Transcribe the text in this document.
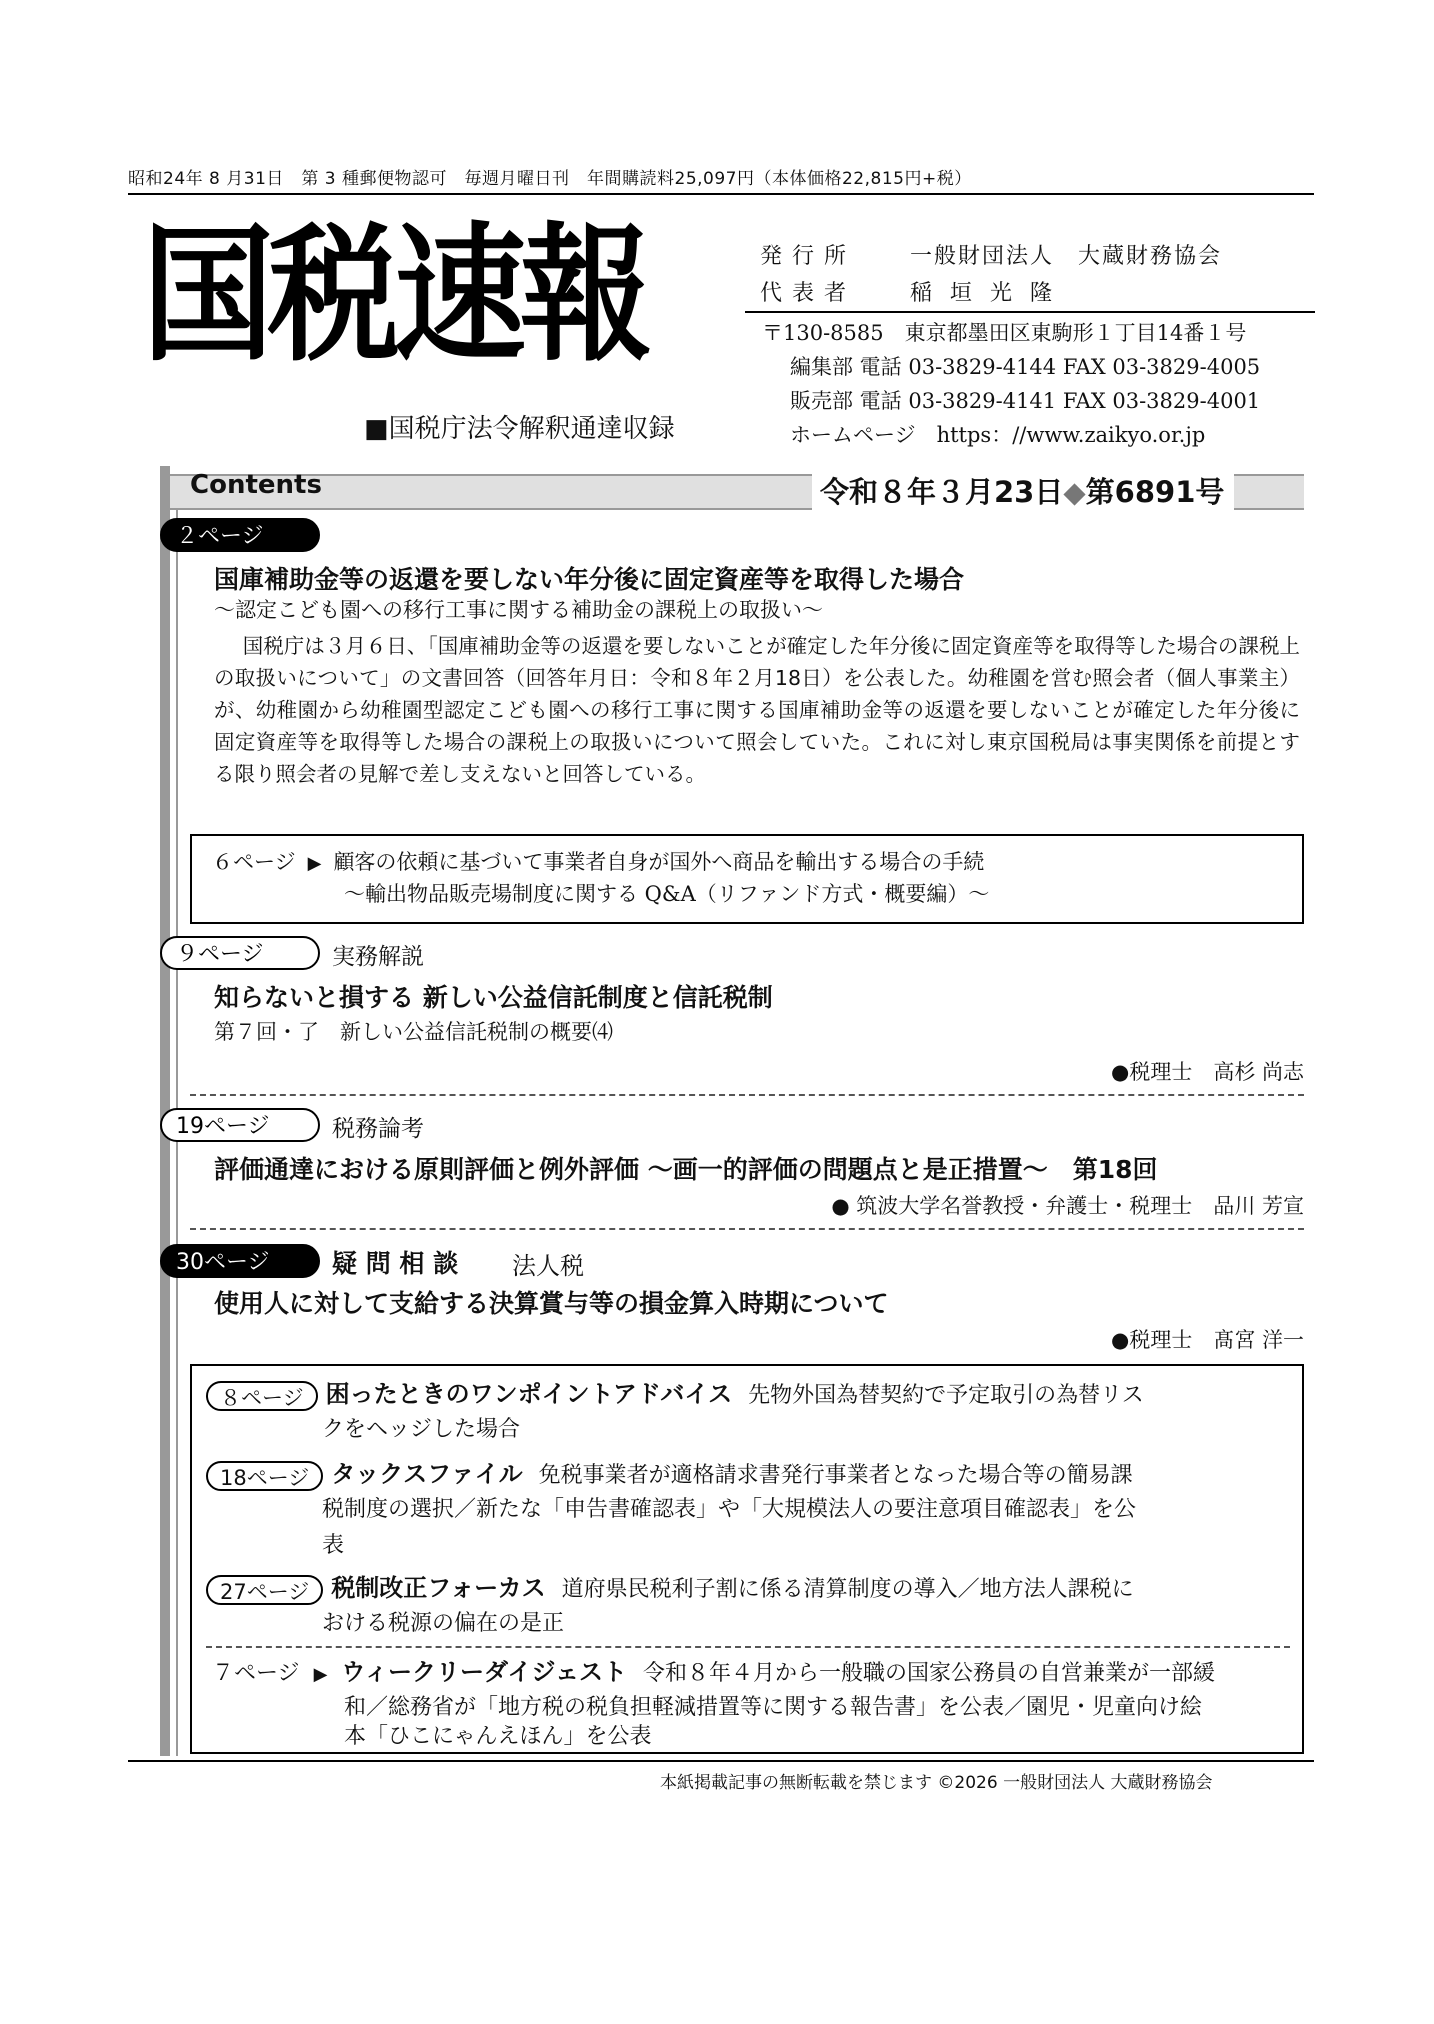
昭和24年 8 月31日　第 3 種郵便物認可　毎週月曜日刊　年間購読料25,097円（本体価格22,815円+税）
国税速報
■国税庁法令解釈通達収録
発行所 一般財団法人　大蔵財務協会
代表者 稲垣光隆
〒130-8585　東京都墨田区東駒形１丁目14番１号
編集部 電話 03-3829-4144 FAX 03-3829-4005
販売部 電話 03-3829-4141 FAX 03-3829-4001
ホームページ　https：//www.zaikyo.or.jp
Contents	令和８年３月23日◆第6891号
２ページ
国庫補助金等の返還を要しない年分後に固定資産等を取得した場合
～認定こども園への移行工事に関する補助金の課税上の取扱い～
国税庁は３月６日、「国庫補助金等の返還を要しないことが確定した年分後に固定資産等を取得等した場合の課税上の取扱いについて」の文書回答（回答年月日：令和８年２月18日）を公表した。幼稚園を営む照会者（個人事業主）が、幼稚園から幼稚園型認定こども園への移行工事に関する国庫補助金等の返還を要しないことが確定した年分後に固定資産等を取得等した場合の課税上の取扱いについて照会していた。これに対し東京国税局は事実関係を前提とする限り照会者の見解で差し支えないと回答している。
６ページ ▶ 顧客の依頼に基づいて事業者自身が国外へ商品を輸出する場合の手続
～輸出物品販売場制度に関する Q&A（リファンド方式・概要編）～
９ページ	実務解説
知らないと損する 新しい公益信託制度と信託税制
第７回・了　新しい公益信託税制の概要⑷
●税理士　高杉 尚志
19ページ	税務論考
評価通達における原則評価と例外評価 ～画一的評価の問題点と是正措置～　第18回
● 筑波大学名誉教授・弁護士・税理士　品川 芳宣
30ページ	疑 問 相 談 法人税
使用人に対して支給する決算賞与等の損金算入時期について
●税理士　髙宮 洋一
８ページ 困ったときのワンポイントアドバイス 先物外国為替契約で予定取引の為替リス
クをヘッジした場合
18ページ タックスファイル 免税事業者が適格請求書発行事業者となった場合等の簡易課
税制度の選択／新たな「申告書確認表」や「大規模法人の要注意項目確認表」を公
表
27ページ 税制改正フォーカス 道府県民税利子割に係る清算制度の導入／地方法人課税に
おける税源の偏在の是正
７ページ ▶ ウィークリーダイジェスト 令和８年４月から一般職の国家公務員の自営兼業が一部緩
和／総務省が「地方税の税負担軽減措置等に関する報告書」を公表／園児・児童向け絵
本「ひこにゃんえほん」を公表
本紙掲載記事の無断転載を禁じます ©2026 一般財団法人 大蔵財務協会
